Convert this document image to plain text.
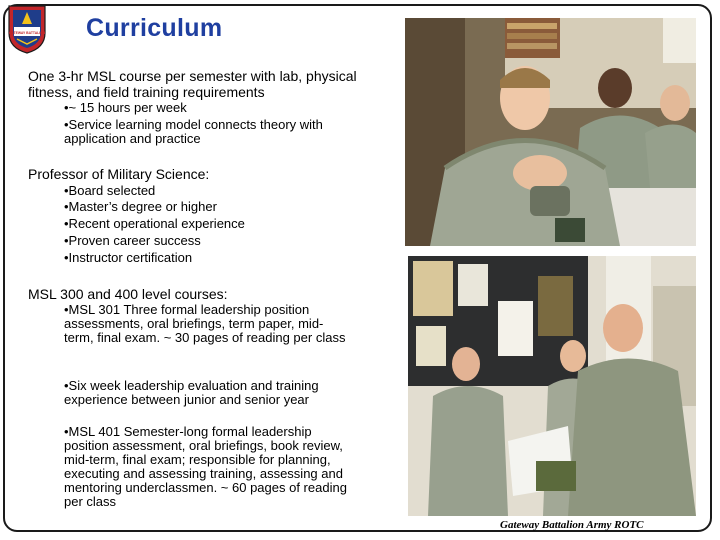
GATEWAY BATTALION Curriculum
One 3-hr MSL course per semester with lab, physical fitness, and field training requirements
•~ 15 hours per week
•Service learning model connects theory with application and practice
Professor of Military Science:
•Board selected
•Master’s degree or higher
•Recent operational experience
•Proven career success
•Instructor certification
MSL 300 and 400 level courses:
•MSL 301 Three formal leadership position assessments, oral briefings, term paper, mid-term, final exam. ~ 30 pages of reading per class
•Six week leadership evaluation and training experience between junior and senior year
•MSL 401 Semester-long formal leadership position assessment, oral briefings, book review, mid-term, final exam; responsible for planning, executing and assessing training, assessing and mentoring underclassmen. ~ 60 pages of reading per class
Gateway Battalion Army ROTC
